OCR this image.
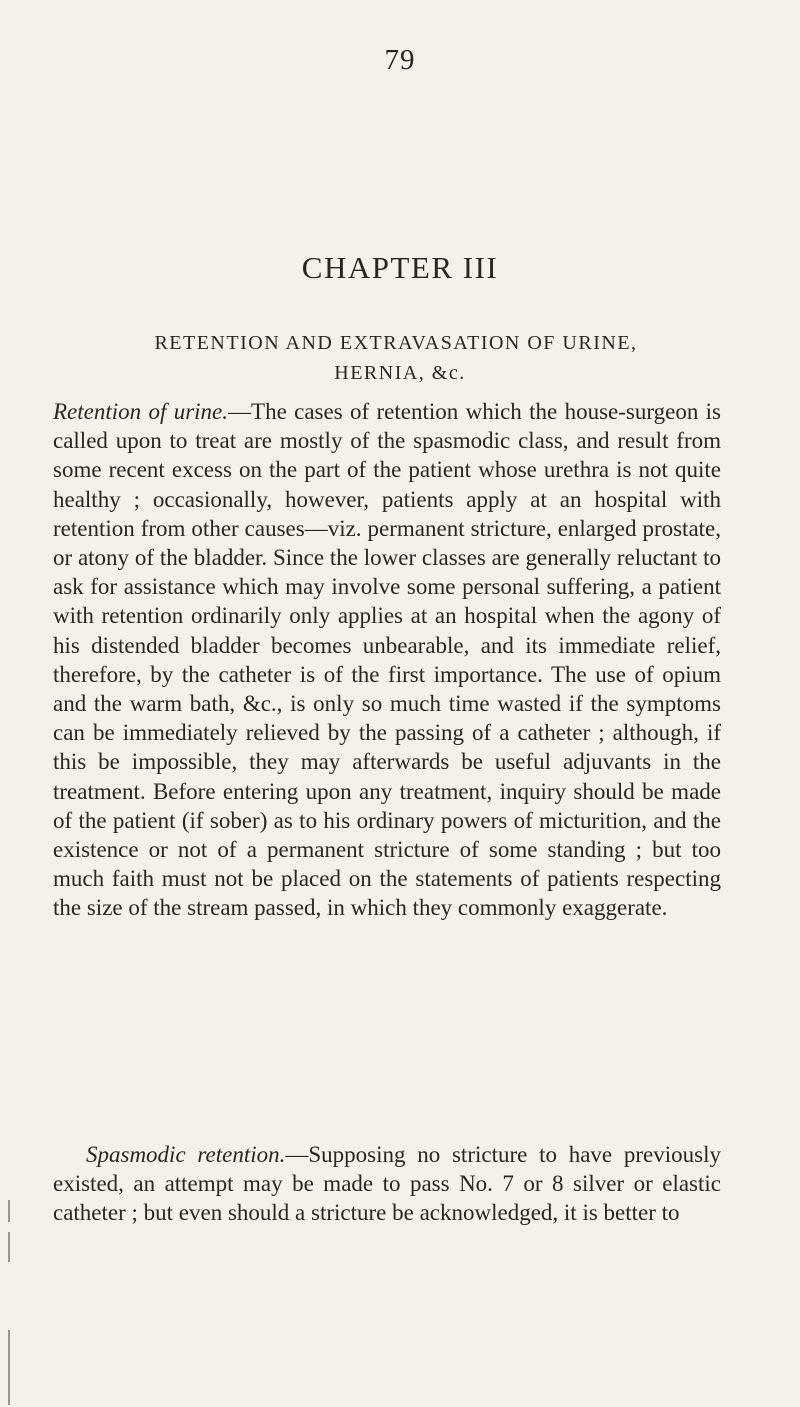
79
CHAPTER III
RETENTION AND EXTRAVASATION OF URINE,
HERNIA, &c.
Retention of urine.—The cases of retention which the house-surgeon is called upon to treat are mostly of the spasmodic class, and result from some recent excess on the part of the patient whose urethra is not quite healthy ; occasionally, however, patients apply at an hospital with retention from other causes—viz. permanent stricture, enlarged prostate, or atony of the bladder. Since the lower classes are generally reluctant to ask for assistance which may involve some personal suffering, a patient with retention ordinarily only applies at an hospital when the agony of his distended bladder becomes unbearable, and its immediate relief, therefore, by the catheter is of the first importance. The use of opium and the warm bath, &c., is only so much time wasted if the symptoms can be immediately relieved by the passing of a catheter ; although, if this be impossible, they may afterwards be useful adjuvants in the treatment. Before entering upon any treatment, inquiry should be made of the patient (if sober) as to his ordinary powers of micturition, and the existence or not of a permanent stricture of some standing ; but too much faith must not be placed on the statements of patients respecting the size of the stream passed, in which they commonly exaggerate.
Spasmodic retention.—Supposing no stricture to have previously existed, an attempt may be made to pass No. 7 or 8 silver or elastic catheter ; but even should a stricture be acknowledged, it is better to
